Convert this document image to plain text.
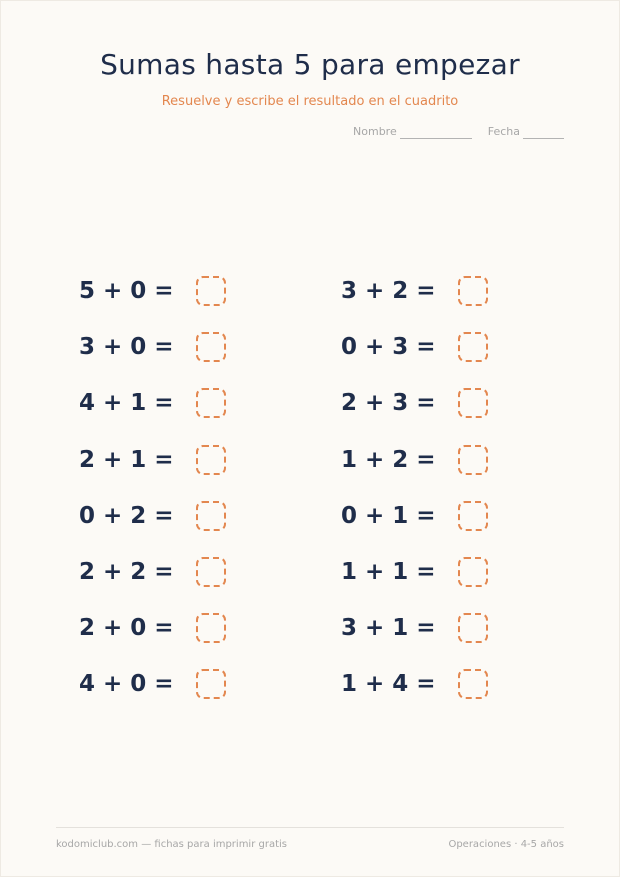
Sumas hasta 5 para empezar

Resuelve y escribe el resultado en el cuadrito

Nombre	Fecha
5 + 0 =
3 + 0 =
4 + 1 =
2 + 1 =
0 + 2 =
2 + 2 =
2 + 0 =
4 + 0 =
3 + 2 =
0 + 3 =
2 + 3 =
1 + 2 =
0 + 1 =
1 + 1 =
3 + 1 =
1 + 4 =
kodomiclub.com — fichas para imprimir gratis	Operaciones · 4-5 años
